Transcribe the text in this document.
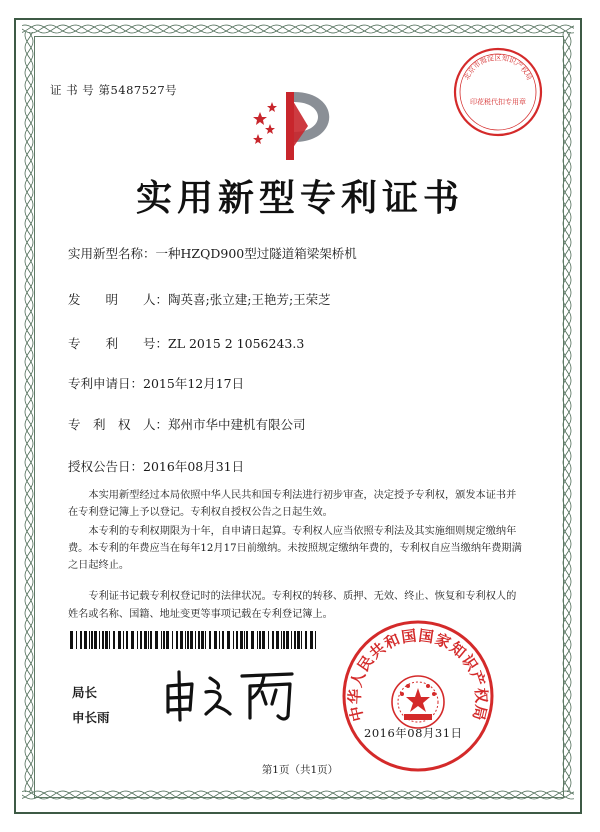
证 书 号 第5487527号
北京市海淀区知识产权局
印花税代扣专用章
实用新型专利证书
实用新型名称：一种HZQD900型过隧道箱梁架桥机
发　　明　　人：陶英喜;张立建;王艳芳;王荣芝
专　　利　　号：ZL 2015 2 1056243.3
专利申请日：2015年12月17日
专　利　权　人：郑州市华中建机有限公司
授权公告日：2016年08月31日

本实用新型经过本局依照中华人民共和国专利法进行初步审查，决定授予专利权，颁发本证书并在专利登记簿上予以登记。专利权自授权公告之日起生效。

本专利的专利权期限为十年，自申请日起算。专利权人应当依照专利法及其实施细则规定缴纳年费。本专利的年费应当在每年12月17日前缴纳。未按照规定缴纳年费的，专利权自应当缴纳年费期满之日起终止。

专利证书记载专利权登记时的法律状况。专利权的转移、质押、无效、终止、恢复和专利权人的姓名或名称、国籍、地址变更等事项记载在专利登记簿上。

局长
申长雨	中华人民共和国国家知识产权局
2016年08月31日
第1页（共1页）
